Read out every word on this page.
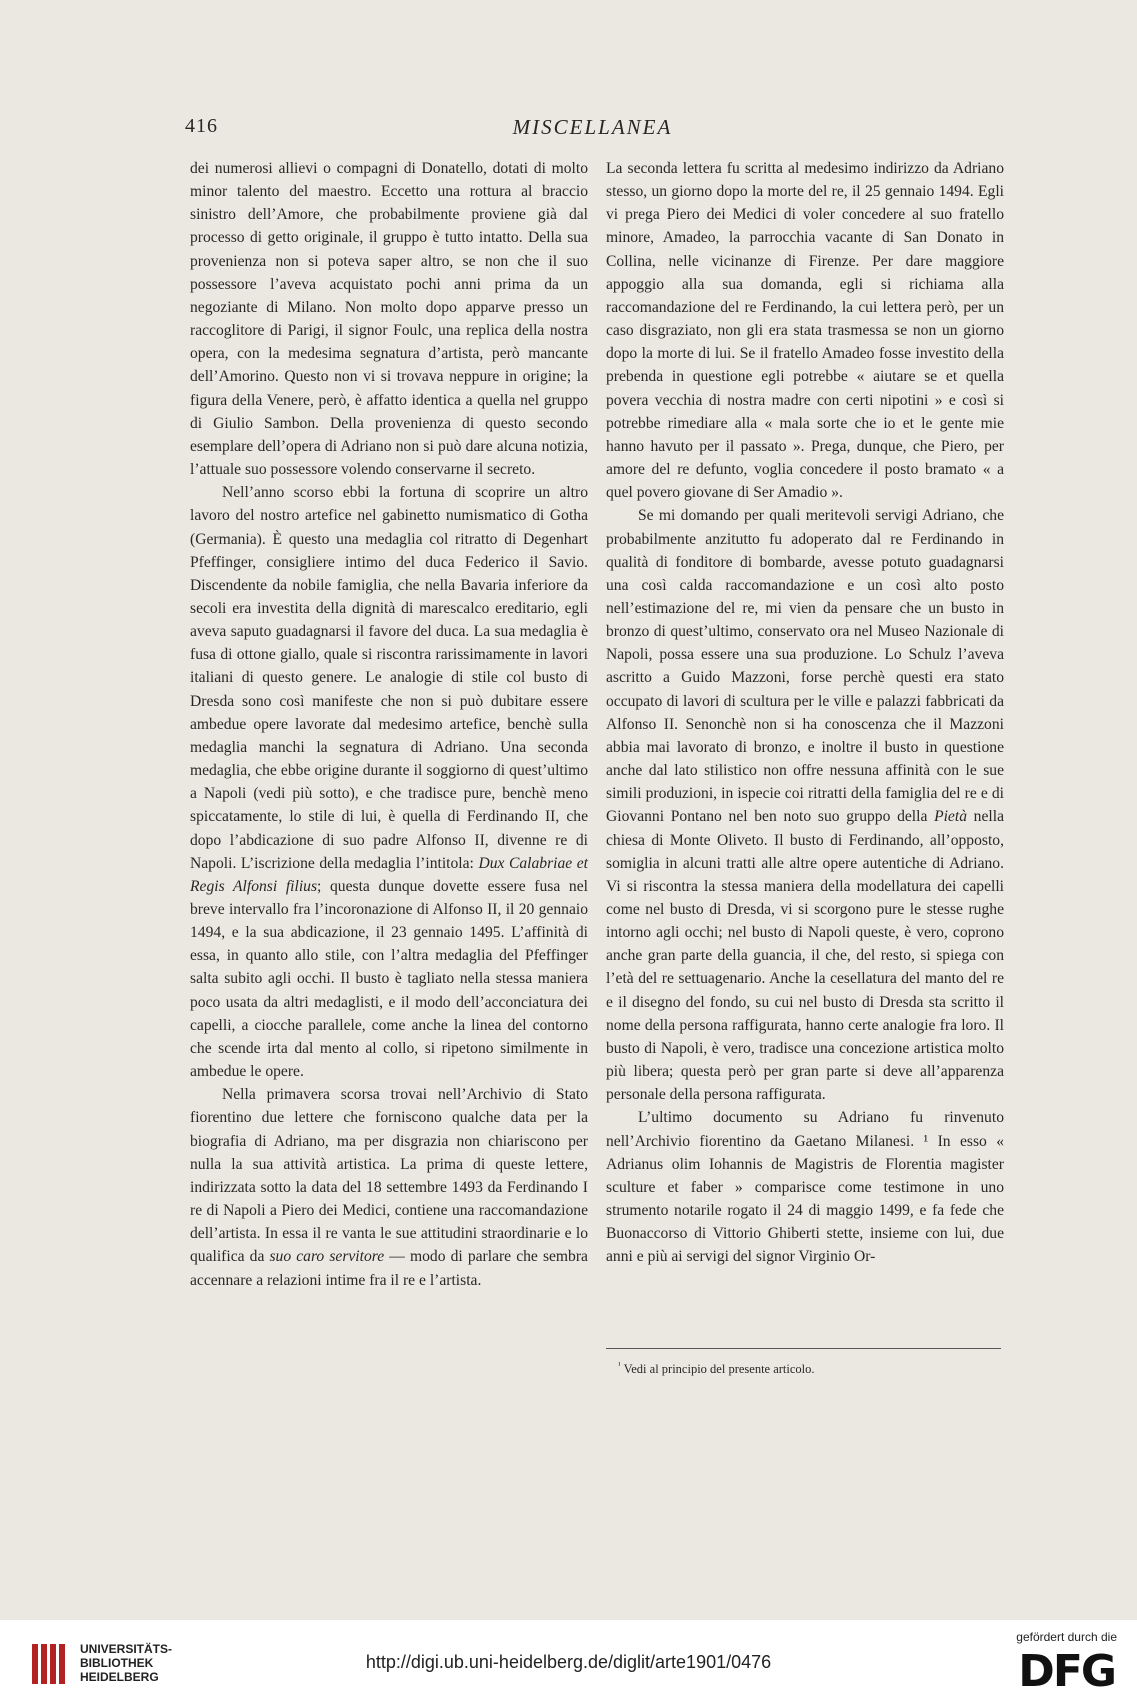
416	MISCELLANEA

dei numerosi allievi o compagni di Donatello, dotati di molto minor talento del maestro. Eccetto una rottura al braccio sinistro dell’Amore, che probabilmente proviene già dal processo di getto originale, il gruppo è tutto intatto. Della sua provenienza non si poteva saper altro, se non che il suo possessore l’aveva acquistato pochi anni prima da un negoziante di Milano. Non molto dopo apparve presso un raccoglitore di Parigi, il signor Foulc, una replica della nostra opera, con la medesima segnatura d’artista, però mancante dell’Amorino. Questo non vi si trovava neppure in origine; la figura della Venere, però, è affatto identica a quella nel gruppo di Giulio Sambon. Della provenienza di questo secondo esemplare dell’opera di Adriano non si può dare alcuna notizia, l’attuale suo possessore volendo conservarne il secreto.

Nell’anno scorso ebbi la fortuna di scoprire un altro lavoro del nostro artefice nel gabinetto numismatico di Gotha (Germania). È questo una medaglia col ritratto di Degenhart Pfeffinger, consigliere intimo del duca Federico il Savio. Discendente da nobile famiglia, che nella Bavaria inferiore da secoli era investita della dignità di marescalco ereditario, egli aveva saputo guadagnarsi il favore del duca. La sua medaglia è fusa di ottone giallo, quale si riscontra rarissimamente in lavori italiani di questo genere. Le analogie di stile col busto di Dresda sono così manifeste che non si può dubitare essere ambedue opere lavorate dal medesimo artefice, benchè sulla medaglia manchi la segnatura di Adriano. Una seconda medaglia, che ebbe origine durante il soggiorno di quest’ultimo a Napoli (vedi più sotto), e che tradisce pure, benchè meno spiccatamente, lo stile di lui, è quella di Ferdinando II, che dopo l’abdicazione di suo padre Alfonso II, divenne re di Napoli. L’iscrizione della medaglia l’intitola: Dux Calabriae et Regis Alfonsi filius; questa dunque dovette essere fusa nel breve intervallo fra l’incoronazione di Alfonso II, il 20 gennaio 1494, e la sua abdicazione, il 23 gennaio 1495. L’affinità di essa, in quanto allo stile, con l’altra medaglia del Pfeffinger salta subito agli occhi. Il busto è tagliato nella stessa maniera poco usata da altri medaglisti, e il modo dell’acconciatura dei capelli, a ciocche parallele, come anche la linea del contorno che scende irta dal mento al collo, si ripetono similmente in ambedue le opere.

Nella primavera scorsa trovai nell’Archivio di Stato fiorentino due lettere che forniscono qualche data per la biografia di Adriano, ma per disgrazia non chiariscono per nulla la sua attività artistica. La prima di queste lettere, indirizzata sotto la data del 18 settembre 1493 da Ferdinando I re di Napoli a Piero dei Medici, contiene una raccomandazione dell’artista. In essa il re vanta le sue attitudini straordinarie e lo qualifica da suo caro servitore — modo di parlare che sembra accennare a relazioni intime fra il re e l’artista.

La seconda lettera fu scritta al medesimo indirizzo da Adriano stesso, un giorno dopo la morte del re, il 25 gennaio 1494. Egli vi prega Piero dei Medici di voler concedere al suo fratello minore, Amadeo, la parrocchia vacante di San Donato in Collina, nelle vicinanze di Firenze. Per dare maggiore appoggio alla sua domanda, egli si richiama alla raccomandazione del re Ferdinando, la cui lettera però, per un caso disgraziato, non gli era stata trasmessa se non un giorno dopo la morte di lui. Se il fratello Amadeo fosse investito della prebenda in questione egli potrebbe « aiutare se et quella povera vecchia di nostra madre con certi nipotini » e così si potrebbe rimediare alla « mala sorte che io et le gente mie hanno havuto per il passato ». Prega, dunque, che Piero, per amore del re defunto, voglia concedere il posto bramato « a quel povero giovane di Ser Amadio ».

Se mi domando per quali meritevoli servigi Adriano, che probabilmente anzitutto fu adoperato dal re Ferdinando in qualità di fonditore di bombarde, avesse potuto guadagnarsi una così calda raccomandazione e un così alto posto nell’estimazione del re, mi vien da pensare che un busto in bronzo di quest’ultimo, conservato ora nel Museo Nazionale di Napoli, possa essere una sua produzione. Lo Schulz l’aveva ascritto a Guido Mazzoni, forse perchè questi era stato occupato di lavori di scultura per le ville e palazzi fabbricati da Alfonso II. Senonchè non si ha conoscenza che il Mazzoni abbia mai lavorato di bronzo, e inoltre il busto in questione anche dal lato stilistico non offre nessuna affinità con le sue simili produzioni, in ispecie coi ritratti della famiglia del re e di Giovanni Pontano nel ben noto suo gruppo della Pietà nella chiesa di Monte Oliveto. Il busto di Ferdinando, all’opposto, somiglia in alcuni tratti alle altre opere autentiche di Adriano. Vi si riscontra la stessa maniera della modellatura dei capelli come nel busto di Dresda, vi si scorgono pure le stesse rughe intorno agli occhi; nel busto di Napoli queste, è vero, coprono anche gran parte della guancia, il che, del resto, si spiega con l’età del re settuagenario. Anche la cesellatura del manto del re e il disegno del fondo, su cui nel busto di Dresda sta scritto il nome della persona raffigurata, hanno certe analogie fra loro. Il busto di Napoli, è vero, tradisce una concezione artistica molto più libera; questa però per gran parte si deve all’apparenza personale della persona raffigurata.

L’ultimo documento su Adriano fu rinvenuto nell’Archivio fiorentino da Gaetano Milanesi. ¹ In esso « Adrianus olim Iohannis de Magistris de Florentia magister sculture et faber » comparisce come testimone in uno strumento notarile rogato il 24 di maggio 1499, e fa fede che Buonaccorso di Vittorio Ghiberti stette, insieme con lui, due anni e più ai servigi del signor Virginio Or-

$^{^1}$ Vedi al principio del presente articolo.
UNIVERSITÄTS-
BIBLIOTHEK
HEIDELBERG
http://digi.ub.uni-heidelberg.de/diglit/arte1901/0476
gefördert durch die
DFG
